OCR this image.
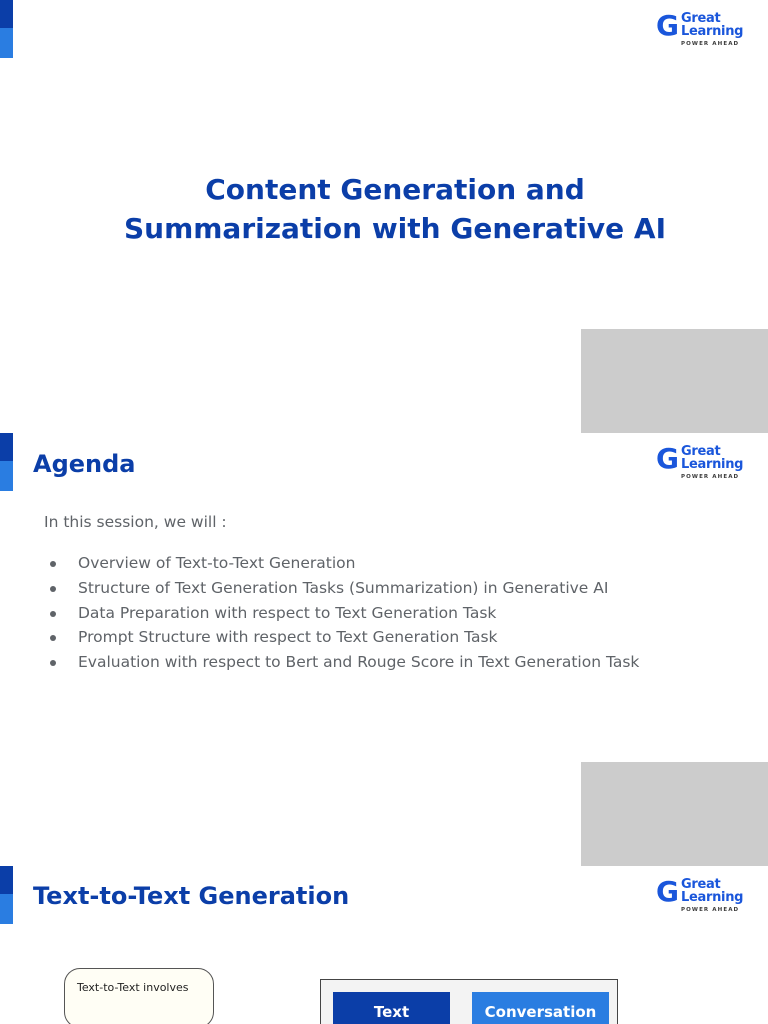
G Great
Learning
POWER AHEAD
Content Generation and
Summarization with Generative AI
G Great
Learning
POWER AHEAD
Agenda
In this session, we will :
Overview of Text-to-Text Generation
Structure of Text Generation Tasks (Summarization) in Generative AI
Data Preparation with respect to Text Generation Task
Prompt Structure with respect to Text Generation Task
Evaluation with respect to Bert and Rouge Score in Text Generation Task
G Great
Learning
POWER AHEAD
Text-to-Text Generation
Text-to-Text involves
Text	Conversation
